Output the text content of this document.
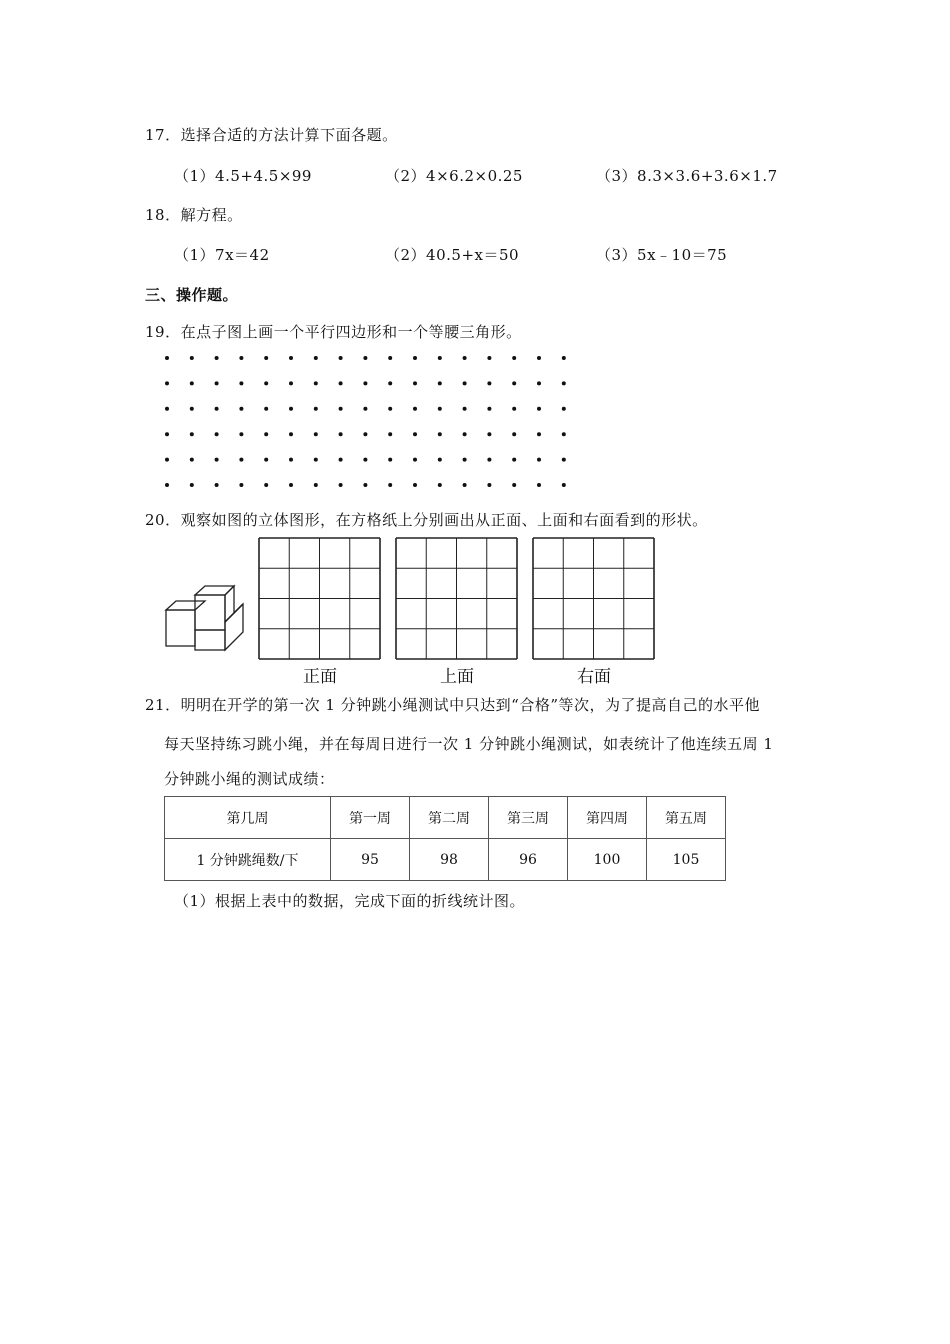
17．选择合适的方法计算下面各题。
（1）4.5+4.5×99	（2）4×6.2×0.25	（3）8.3×3.6+3.6×1.7
18．解方程。
（1）7x＝42	（2）40.5+x＝50	（3）5x﹣10＝75
三、操作题。
19．在点子图上画一个平行四边形和一个等腰三角形。
20．观察如图的立体图形，在方格纸上分别画出从正面、上面和右面看到的形状。
正面	上面	右面
21．明明在开学的第一次 1 分钟跳小绳测试中只达到“合格”等次，为了提高自己的水平他
每天坚持练习跳小绳，并在每周日进行一次 1 分钟跳小绳测试，如表统计了他连续五周 1
分钟跳小绳的测试成绩：
第几周	第一周	第二周	第三周	第四周	第五周
1 分钟跳绳数/下	95	98	96	100	105
（1）根据上表中的数据，完成下面的折线统计图。
